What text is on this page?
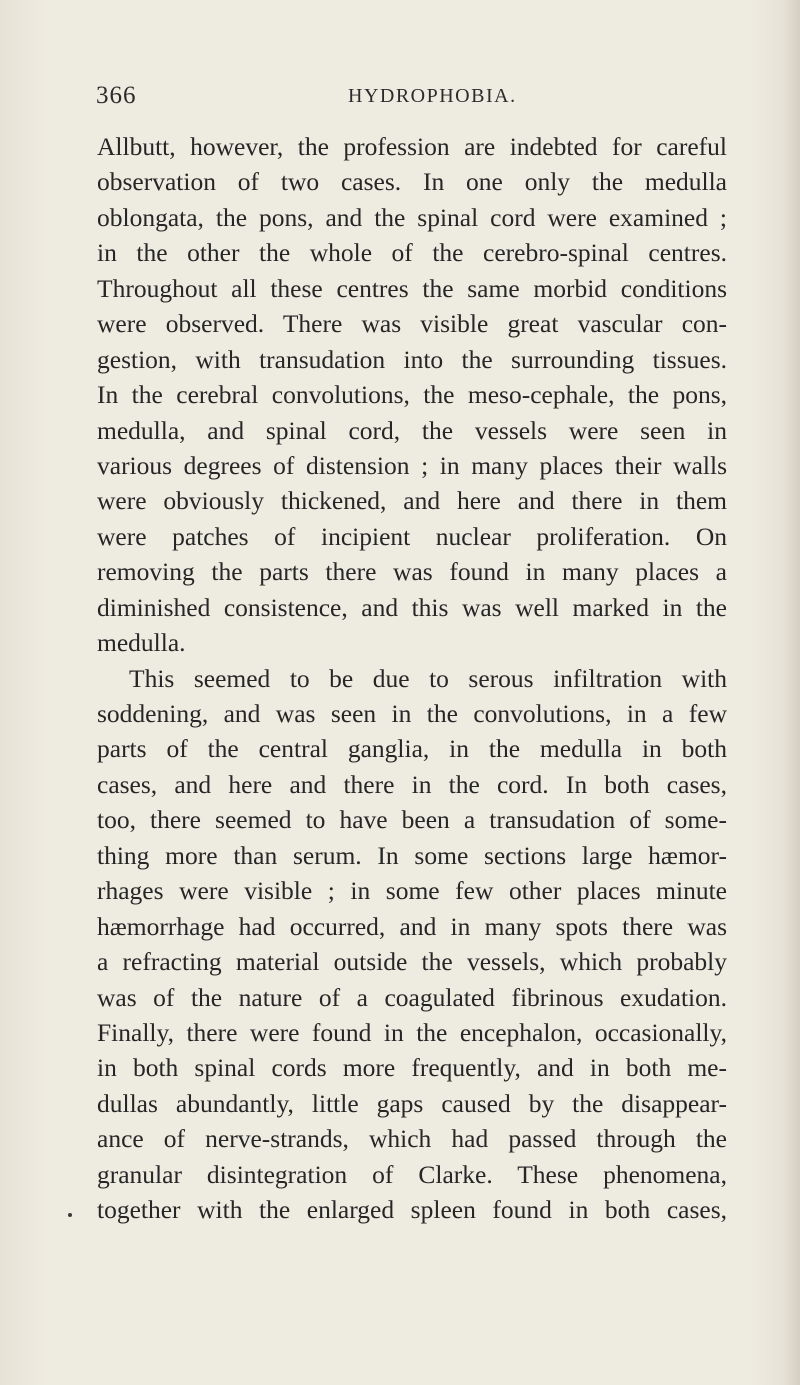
366	HYDROPHOBIA.
Allbutt, however, the profession are indebted for careful
observation of two cases. In one only the medulla
oblongata, the pons, and the spinal cord were examined ;
in the other the whole of the cerebro-spinal centres.
Throughout all these centres the same morbid conditions
were observed. There was visible great vascular con-
gestion, with transudation into the surrounding tissues.
In the cerebral convolutions, the meso-cephale, the pons,
medulla, and spinal cord, the vessels were seen in
various degrees of distension ; in many places their walls
were obviously thickened, and here and there in them
were patches of incipient nuclear proliferation. On
removing the parts there was found in many places a
diminished consistence, and this was well marked in the
medulla.
This seemed to be due to serous infiltration with
soddening, and was seen in the convolutions, in a few
parts of the central ganglia, in the medulla in both
cases, and here and there in the cord. In both cases,
too, there seemed to have been a transudation of some-
thing more than serum. In some sections large hæmor-
rhages were visible ; in some few other places minute
hæmorrhage had occurred, and in many spots there was
a refracting material outside the vessels, which probably
was of the nature of a coagulated fibrinous exudation.
Finally, there were found in the encephalon, occasionally,
in both spinal cords more frequently, and in both me-
dullas abundantly, little gaps caused by the disappear-
ance of nerve-strands, which had passed through the
granular disintegration of Clarke. These phenomena,
together with the enlarged spleen found in both cases,
